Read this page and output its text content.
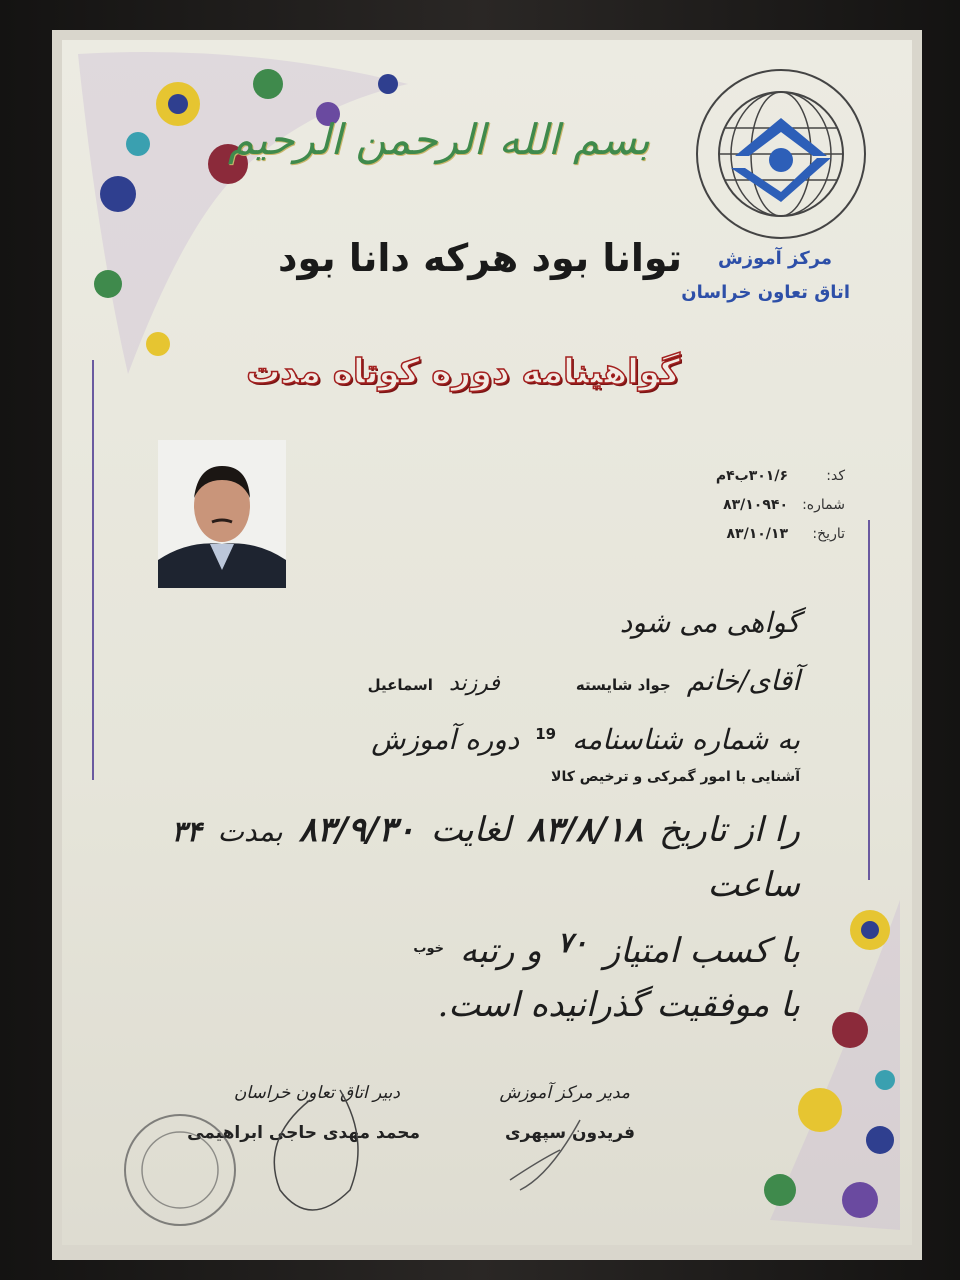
بسم الله الرحمن الرحیم
توانا بود هرکه دانا بود
گواهینامه دوره کوتاه مدت
مرکز آموزش
اتاق تعاون خراسان
کد:
۳۰۱/۶ب۴م
شماره:
۸۳/۱۰۹۴۰
تاریخ:
۸۳/۱۰/۱۳
گواهی می شود
آقای/خانم
جواد شایسته
فرزند
اسماعیل
به شماره شناسنامه
19
دوره آموزش
آشنایی با امور گمرکی و ترخیص کالا
را از تاریخ
۸۳/۸/۱۸
لغایت
۸۳/۹/۳۰
بمدت
۳۴
ساعت
با کسب امتیاز
۷۰
و رتبه
خوب
با موفقیت گذرانیده است.
مدیر مرکز آموزش
فریدون سپهری
دبیر اتاق تعاون خراسان
محمد مهدی حاجی ابراهیمی
